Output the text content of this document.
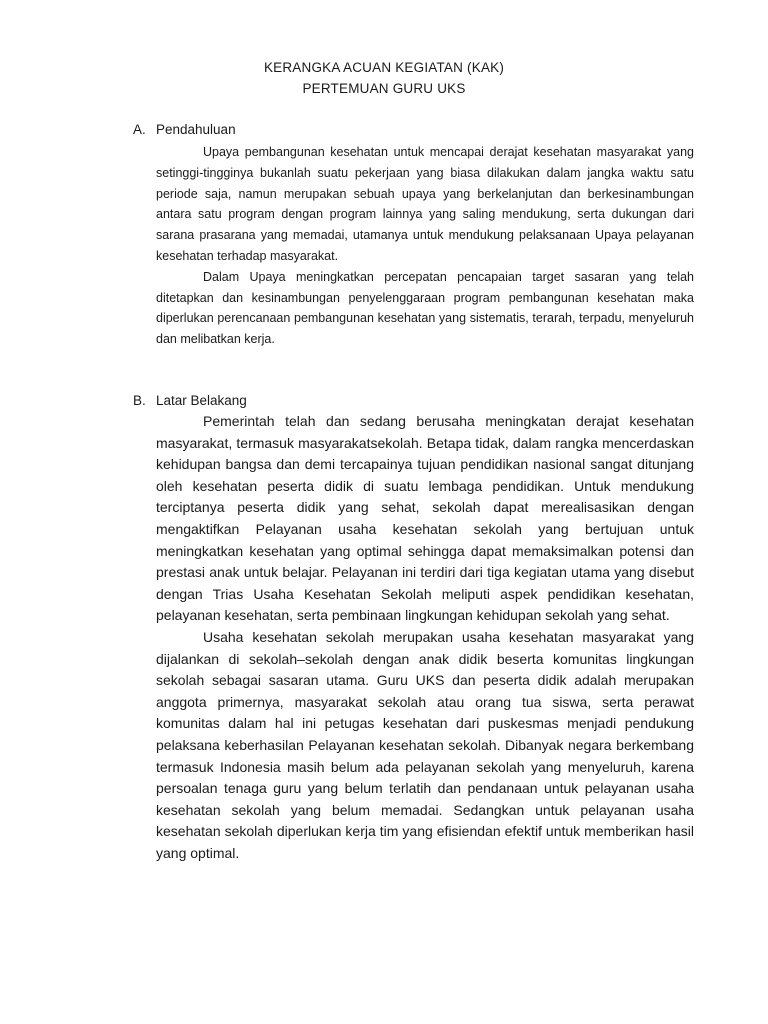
KERANGKA ACUAN KEGIATAN (KAK)
PERTEMUAN GURU UKS
A. Pendahuluan

Upaya pembangunan kesehatan untuk mencapai derajat kesehatan masyarakat yang setinggi-tingginya bukanlah suatu pekerjaan yang biasa dilakukan dalam jangka waktu satu periode saja, namun merupakan sebuah upaya yang berkelanjutan dan berkesinambungan antara satu program dengan program lainnya yang saling mendukung, serta dukungan dari sarana prasarana yang memadai, utamanya untuk mendukung pelaksanaan Upaya pelayanan kesehatan terhadap masyarakat.

Dalam Upaya meningkatkan percepatan pencapaian target sasaran yang telah ditetapkan dan kesinambungan penyelenggaraan program pembangunan kesehatan maka diperlukan perencanaan pembangunan kesehatan yang sistematis, terarah, terpadu, menyeluruh dan melibatkan kerja.

B. Latar Belakang

Pemerintah telah dan sedang berusaha meningkatan derajat kesehatan masyarakat, termasuk masyarakatsekolah. Betapa tidak, dalam rangka mencerdaskan kehidupan bangsa dan demi tercapainya tujuan pendidikan nasional sangat ditunjang oleh kesehatan peserta didik di suatu lembaga pendidikan. Untuk mendukung terciptanya peserta didik yang sehat, sekolah dapat merealisasikan dengan mengaktifkan Pelayanan usaha kesehatan sekolah yang bertujuan untuk meningkatkan kesehatan yang optimal sehingga dapat memaksimalkan potensi dan prestasi anak untuk belajar. Pelayanan ini terdiri dari tiga kegiatan utama yang disebut dengan Trias Usaha Kesehatan Sekolah meliputi aspek pendidikan kesehatan, pelayanan kesehatan, serta pembinaan lingkungan kehidupan sekolah yang sehat.

Usaha kesehatan sekolah merupakan usaha kesehatan masyarakat yang dijalankan di sekolah–sekolah dengan anak didik beserta komunitas lingkungan sekolah sebagai sasaran utama. Guru UKS dan peserta didik adalah merupakan anggota primernya, masyarakat sekolah atau orang tua siswa, serta perawat komunitas dalam hal ini petugas kesehatan dari puskesmas menjadi pendukung pelaksana keberhasilan Pelayanan kesehatan sekolah. Dibanyak negara berkembang termasuk Indonesia masih belum ada pelayanan sekolah yang menyeluruh, karena persoalan tenaga guru yang belum terlatih dan pendanaan untuk pelayanan usaha kesehatan sekolah yang belum memadai. Sedangkan untuk pelayanan usaha kesehatan sekolah diperlukan kerja tim yang efisiendan efektif untuk memberikan hasil yang optimal.
